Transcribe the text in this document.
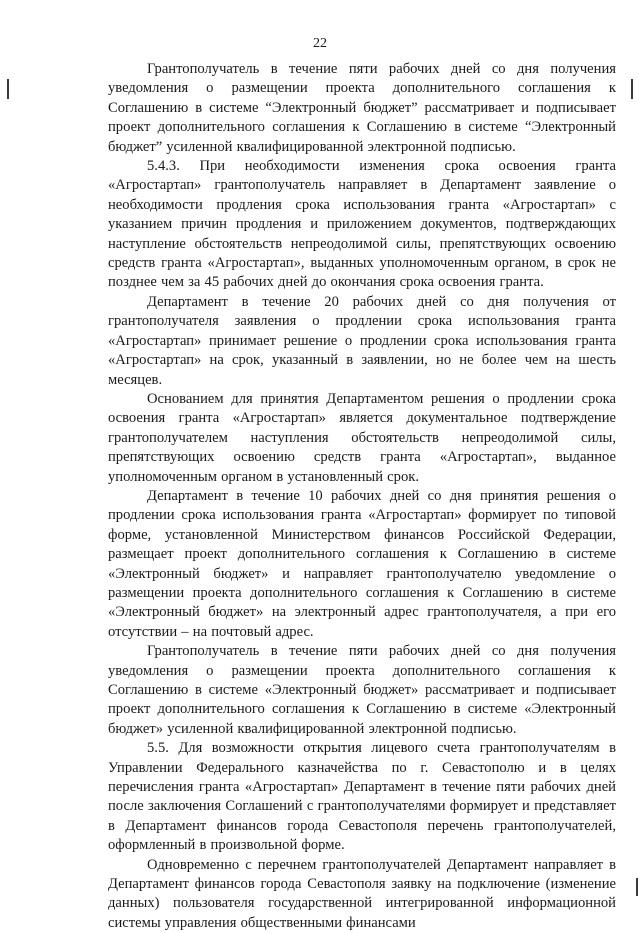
22

Грантополучатель в течение пяти рабочих дней со дня получения уведомления о размещении проекта дополнительного соглашения к Соглашению в системе “Электронный бюджет” рассматривает и подписывает проект дополнительного соглашения к Соглашению в системе “Электронный бюджет” усиленной квалифицированной электронной подписью.

5.4.3. При необходимости изменения срока освоения гранта «Агростартап» грантополучатель направляет в Департамент заявление о необходимости продления срока использования гранта «Агростартап» с указанием причин продления и приложением документов, подтверждающих наступление обстоятельств непреодолимой силы, препятствующих освоению средств гранта «Агростартап», выданных уполномоченным органом, в срок не позднее чем за 45 рабочих дней до окончания срока освоения гранта.

Департамент в течение 20 рабочих дней со дня получения от грантополучателя заявления о продлении срока использования гранта «Агростартап» принимает решение о продлении срока использования гранта «Агростартап» на срок, указанный в заявлении, но не более чем на шесть месяцев.

Основанием для принятия Департаментом решения о продлении срока освоения гранта «Агростартап» является документальное подтверждение грантополучателем наступления обстоятельств непреодолимой силы, препятствующих освоению средств гранта «Агростартап», выданное уполномоченным органом в установленный срок.

Департамент в течение 10 рабочих дней со дня принятия решения о продлении срока использования гранта «Агростартап» формирует по типовой форме, установленной Министерством финансов Российской Федерации, размещает проект дополнительного соглашения к Соглашению в системе «Электронный бюджет» и направляет грантополучателю уведомление о размещении проекта дополнительного соглашения к Соглашению в системе «Электронный бюджет» на электронный адрес грантополучателя, а при его отсутствии – на почтовый адрес.

Грантополучатель в течение пяти рабочих дней со дня получения уведомления о размещении проекта дополнительного соглашения к Соглашению в системе «Электронный бюджет» рассматривает и подписывает проект дополнительного соглашения к Соглашению в системе «Электронный бюджет» усиленной квалифицированной электронной подписью.

5.5. Для возможности открытия лицевого счета грантополучателям в Управлении Федерального казначейства по г. Севастополю и в целях перечисления гранта «Агростартап» Департамент в течение пяти рабочих дней после заключения Соглашений с грантополучателями формирует и представляет в Департамент финансов города Севастополя перечень грантополучателей, оформленный в произвольной форме.

Одновременно с перечнем грантополучателей Департамент направляет в Департамент финансов города Севастополя заявку на подключение (изменение данных) пользователя государственной интегрированной информационной системы управления общественными финансами
